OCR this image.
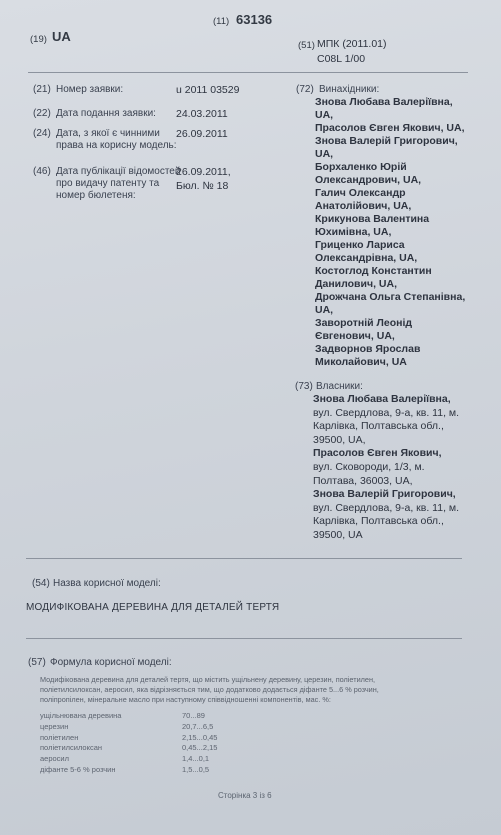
(11) 63136
(19) UA
(51) МПК (2011.01)
C08L 1/00
(21) Номер заявки:	u 2011 03529
(22) Дата подання заявки: 24.03.2011
(24) Дата, з якої є чинними
права на корисну модель:
26.09.2011
(46) Дата публікації відомостей
про видачу патенту та
номер бюлетеня:
26.09.2011,
Бюл. № 18
(72) Винахідники:
Знова Любава Валеріївна,
UA,
Прасолов Євген Якович, UA,
Знова Валерій Григорович,
UA,
Борхаленко Юрій
Олександрович, UA,
Галич Олександр
Анатолійович, UA,
Крикунова Валентина
Юхимівна, UA,
Гриценко Лариса
Олександрівна, UA,
Костоглод Константин
Данилович, UA,
Дрожчана Ольга Степанівна,
UA,
Заворотній Леонід
Євгенович, UA,
Задворнов Ярослав
Миколайович, UA
(73) Власники:
Знова Любава Валеріївна,
вул. Свердлова, 9-а, кв. 11, м.
Карлівка, Полтавська обл.,
39500, UA,
Прасолов Євген Якович,
вул. Сковороди, 1/3, м.
Полтава, 36003, UA,
Знова Валерій Григорович,
вул. Свердлова, 9-а, кв. 11, м.
Карлівка, Полтавська обл.,
39500, UA
(54) Назва корисної моделі:
МОДИФІКОВАНА ДЕРЕВИНА ДЛЯ ДЕТАЛЕЙ ТЕРТЯ
(57) Формула корисної моделі:
Модифікована деревина для деталей тертя, що містить ущільнену деревину, церезин, поліетилен,
поліетилсилоксан, аеросил, яка відрізняється тим, що додатково додається діфанте 5...6 % розчин,
поліпропілен, мінеральне масло при наступному співвідношенні компонентів, мас. %:
ущільнювана деревина	70...89
церезин	20,7...6,5
поліетилен	2,15...0,45
поліетилсилоксан	0,45...2,15
аеросил	1,4...0,1
діфанте 5-6 % розчин	1,5...0,5
Сторінка 3 із 6
